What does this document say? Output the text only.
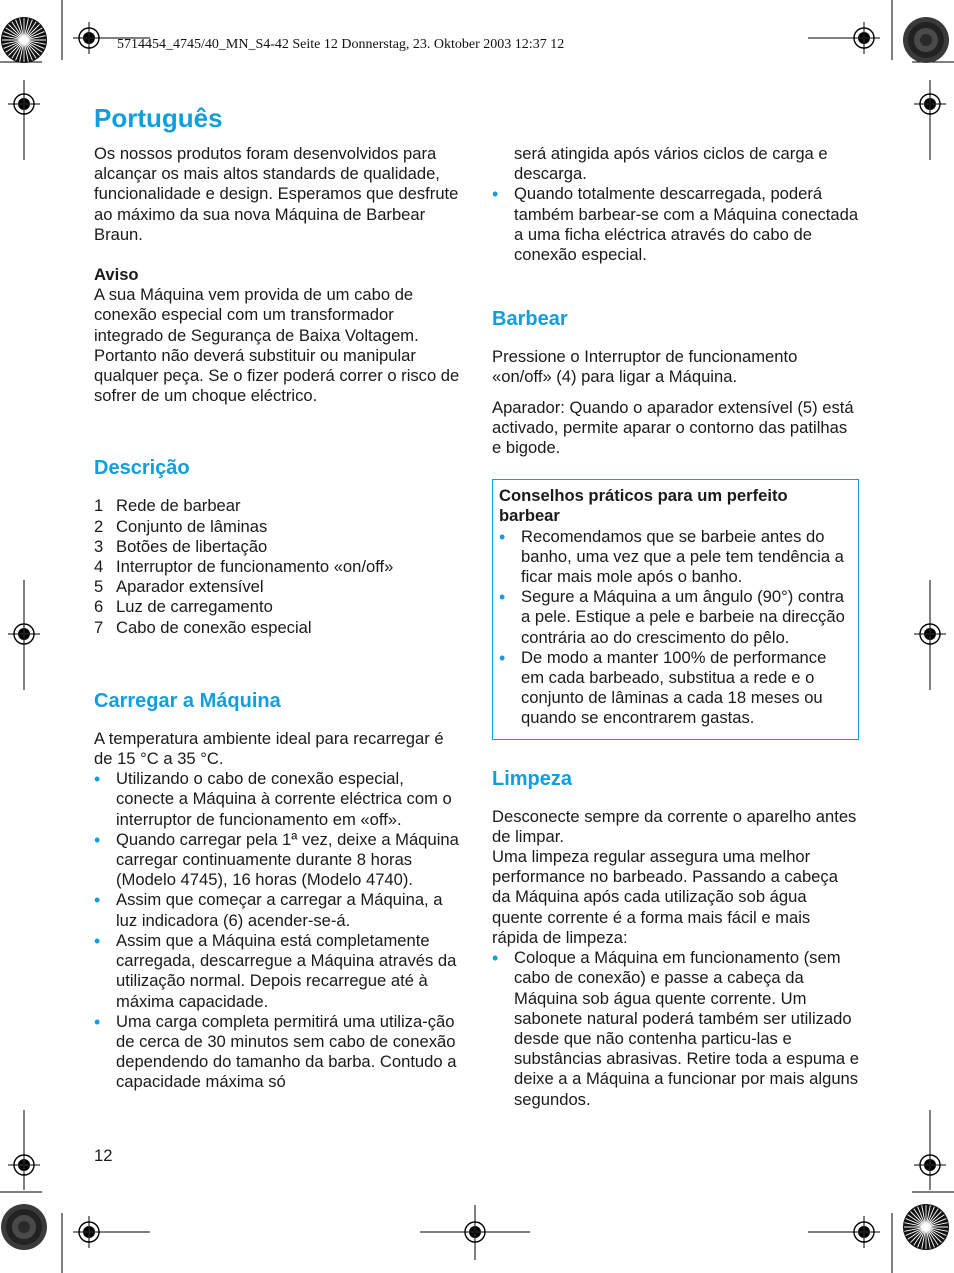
5714454_4745/40_MN_S4-42 Seite 12 Donnerstag, 23. Oktober 2003 12:37 12
Português

Os nossos produtos foram desenvolvidos para alcançar os mais altos standards de qualidade, funcionalidade e design. Esperamos que desfrute ao máximo da sua nova Máquina de Barbear Braun.

Aviso

A sua Máquina vem provida de um cabo de conexão especial com um transformador integrado de Segurança de Baixa Voltagem. Portanto não deverá substituir ou manipular qualquer peça. Se o fizer poderá correr o risco de sofrer de um choque eléctrico.

Descrição
1 Rede de barbear
2 Conjunto de lâminas
3 Botões de libertação
4 Interruptor de funcionamento «on/off»
5 Aparador extensível
6 Luz de carregamento
7 Cabo de conexão especial
Carregar a Máquina

A temperatura ambiente ideal para recarregar é de 15 °C a 35 °C.

• Utilizando o cabo de conexão especial, conecte a Máquina à corrente eléctrica com o interruptor de funcionamento em «off».
• Quando carregar pela 1ª vez, deixe a Máquina carregar continuamente durante 8 horas (Modelo 4745), 16 horas (Modelo 4740).
• Assim que começar a carregar a Máquina, a luz indicadora (6) acender-se-á.
• Assim que a Máquina está completamente carregada, descarregue a Máquina através da utilização normal. Depois recarregue até à máxima capacidade.
• Uma carga completa permitirá uma utiliza-ção de cerca de 30 minutos sem cabo de conexão dependendo do tamanho da barba. Contudo a capacidade máxima só

será atingida após vários ciclos de carga e descarga.

• Quando totalmente descarregada, poderá também barbear-se com a Máquina conectada a uma ficha eléctrica através do cabo de conexão especial.
Barbear

Pressione o Interruptor de funcionamento «on/off» (4) para ligar a Máquina.

Aparador: Quando o aparador extensível (5) está activado, permite aparar o contorno das patilhas e bigode.

Conselhos práticos para um perfeito barbear

• Recomendamos que se barbeie antes do banho, uma vez que a pele tem tendência a ficar mais mole após o banho.
• Segure a Máquina a um ângulo (90°) contra a pele. Estique a pele e barbeie na direcção contrária ao do crescimento do pêlo.
• De modo a manter 100% de performance em cada barbeado, substitua a rede e o conjunto de lâminas a cada 18 meses ou quando se encontrarem gastas.
Limpeza

Desconecte sempre da corrente o aparelho antes de limpar.

Uma limpeza regular assegura uma melhor performance no barbeado. Passando a cabeça da Máquina após cada utilização sob água quente corrente é a forma mais fácil e mais rápida de limpeza:

• Coloque a Máquina em funcionamento (sem cabo de conexão) e passe a cabeça da Máquina sob água quente corrente. Um sabonete natural poderá também ser utilizado desde que não contenha particu-las e substâncias abrasivas. Retire toda a espuma e deixe a a Máquina a funcionar por mais alguns segundos.
12
